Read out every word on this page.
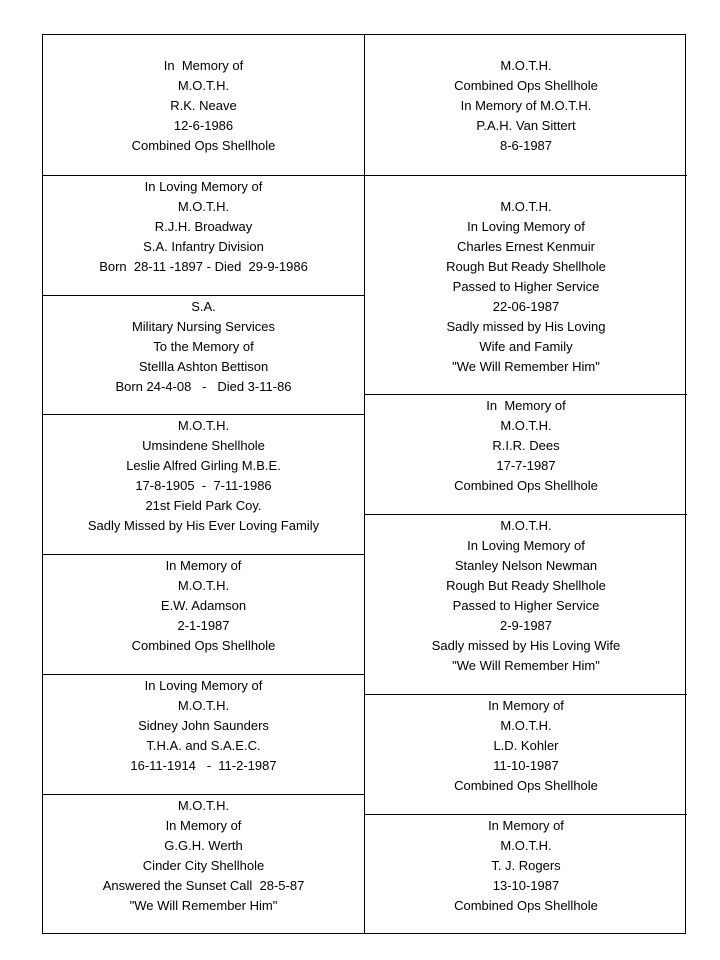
In  Memory of
M.O.T.H.
R.K. Neave
12-6-1986
Combined Ops Shellhole
In Loving Memory of
M.O.T.H.
R.J.H. Broadway
S.A. Infantry Division
Born  28-11 -1897 - Died  29-9-1986
S.A.
Military Nursing Services
To the Memory of
Stellla Ashton Bettison
Born 24-4-08   -   Died 3-11-86
M.O.T.H.
Umsindene Shellhole
Leslie Alfred Girling M.B.E.
17-8-1905  -  7-11-1986
21st Field Park Coy.
Sadly Missed by His Ever Loving Family
In Memory of
M.O.T.H.
E.W. Adamson
2-1-1987
Combined Ops Shellhole
In Loving Memory of
M.O.T.H.
Sidney John Saunders
T.H.A. and S.A.E.C.
16-11-1914   -  11-2-1987
M.O.T.H.
In Memory of
G.G.H. Werth
Cinder City Shellhole
Answered the Sunset Call  28-5-87
"We Will Remember Him"
M.O.T.H.
Combined Ops Shellhole
In Memory of M.O.T.H.
P.A.H. Van Sittert
8-6-1987
M.O.T.H.
In Loving Memory of
Charles Ernest Kenmuir
Rough But Ready Shellhole
Passed to Higher Service
22-06-1987
Sadly missed by His Loving
Wife and Family
"We Will Remember Him"
In  Memory of
M.O.T.H.
R.I.R. Dees
17-7-1987
Combined Ops Shellhole
M.O.T.H.
In Loving Memory of
Stanley Nelson Newman
Rough But Ready Shellhole
Passed to Higher Service
2-9-1987
Sadly missed by His Loving Wife
"We Will Remember Him"
In Memory of
M.O.T.H.
L.D. Kohler
11-10-1987
Combined Ops Shellhole
In Memory of
M.O.T.H.
T. J. Rogers
13-10-1987
Combined Ops Shellhole
